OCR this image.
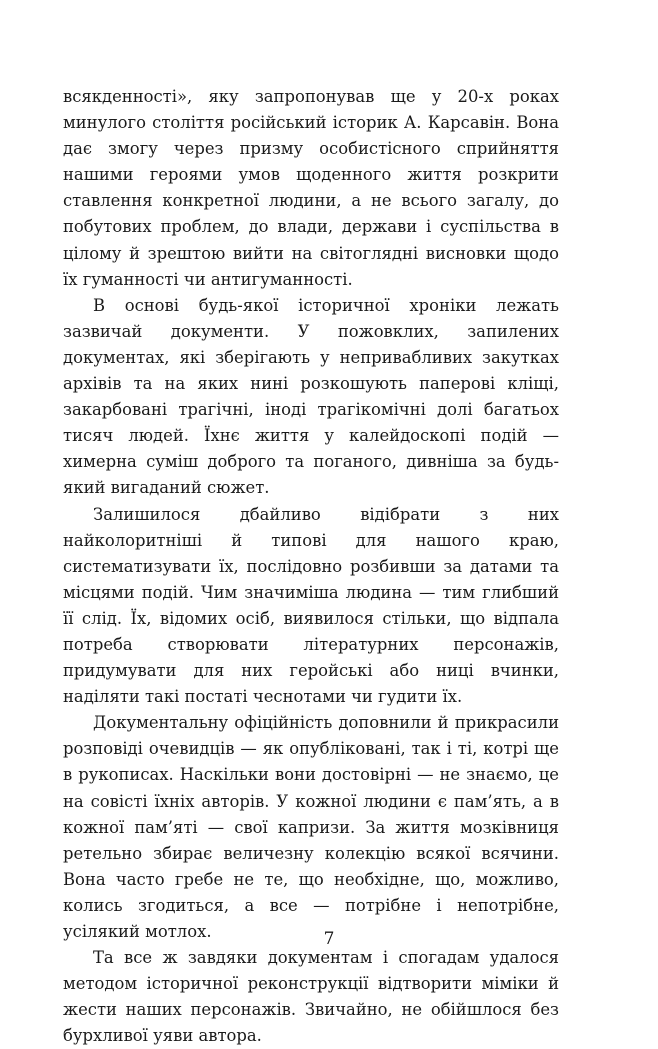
всякденності», яку запропонував ще у 20-х роках минулого століття російський історик А. Карсавін. Вона дає змогу через призму особистісного сприйняття нашими героями умов щоденного життя розкрити ставлення конкретної людини, а не всього загалу, до побутових проблем, до влади, держави і суспільства в цілому й зрештою вийти на світоглядні висновки щодо їх гуманності чи антигуманності.

В основі будь-якої історичної хроніки лежать зазвичай документи. У пожовклих, запилених документах, які зберігають у непривабливих закутках архівів та на яких нині розкошують паперові кліщі, закарбовані трагічні, іноді трагікомічні долі багатьох тисяч людей. Їхнє життя у калейдоскопі подій — химерна суміш доброго та поганого, дивніша за будь-який вигаданий сюжет.

Залишилося дбайливо відібрати з них найколоритніші й типові для нашого краю, систематизувати їх, послідовно розбивши за датами та місцями подій. Чим значиміша людина — тим глибший її слід. Їх, відомих осіб, виявилося стільки, що відпала потреба створювати літературних персонажів, придумувати для них геройські або ниці вчинки, наділяти такі постаті чеснотами чи гудити їх.

Документальну офіційність доповнили й прикрасили розповіді очевидців — як опубліковані, так і ті, котрі ще в рукописах. Наскільки вони достовірні — не знаємо, це на совісті їхніх авторів. У кожної людини є пам’ять, а в кожної пам’яті — свої капризи. За життя мозківниця ретельно збирає величезну колекцію всякої всячини. Вона часто гребе не те, що необхідне, що, можливо, колись згодиться, а все — потрібне і непотрібне, усілякий мотлох.

Та все ж завдяки документам і спогадам удалося методом історичної реконструкції відтворити міміки й жести наших персонажів. Звичайно, не обійшлося без бурхливої уяви автора.

7
